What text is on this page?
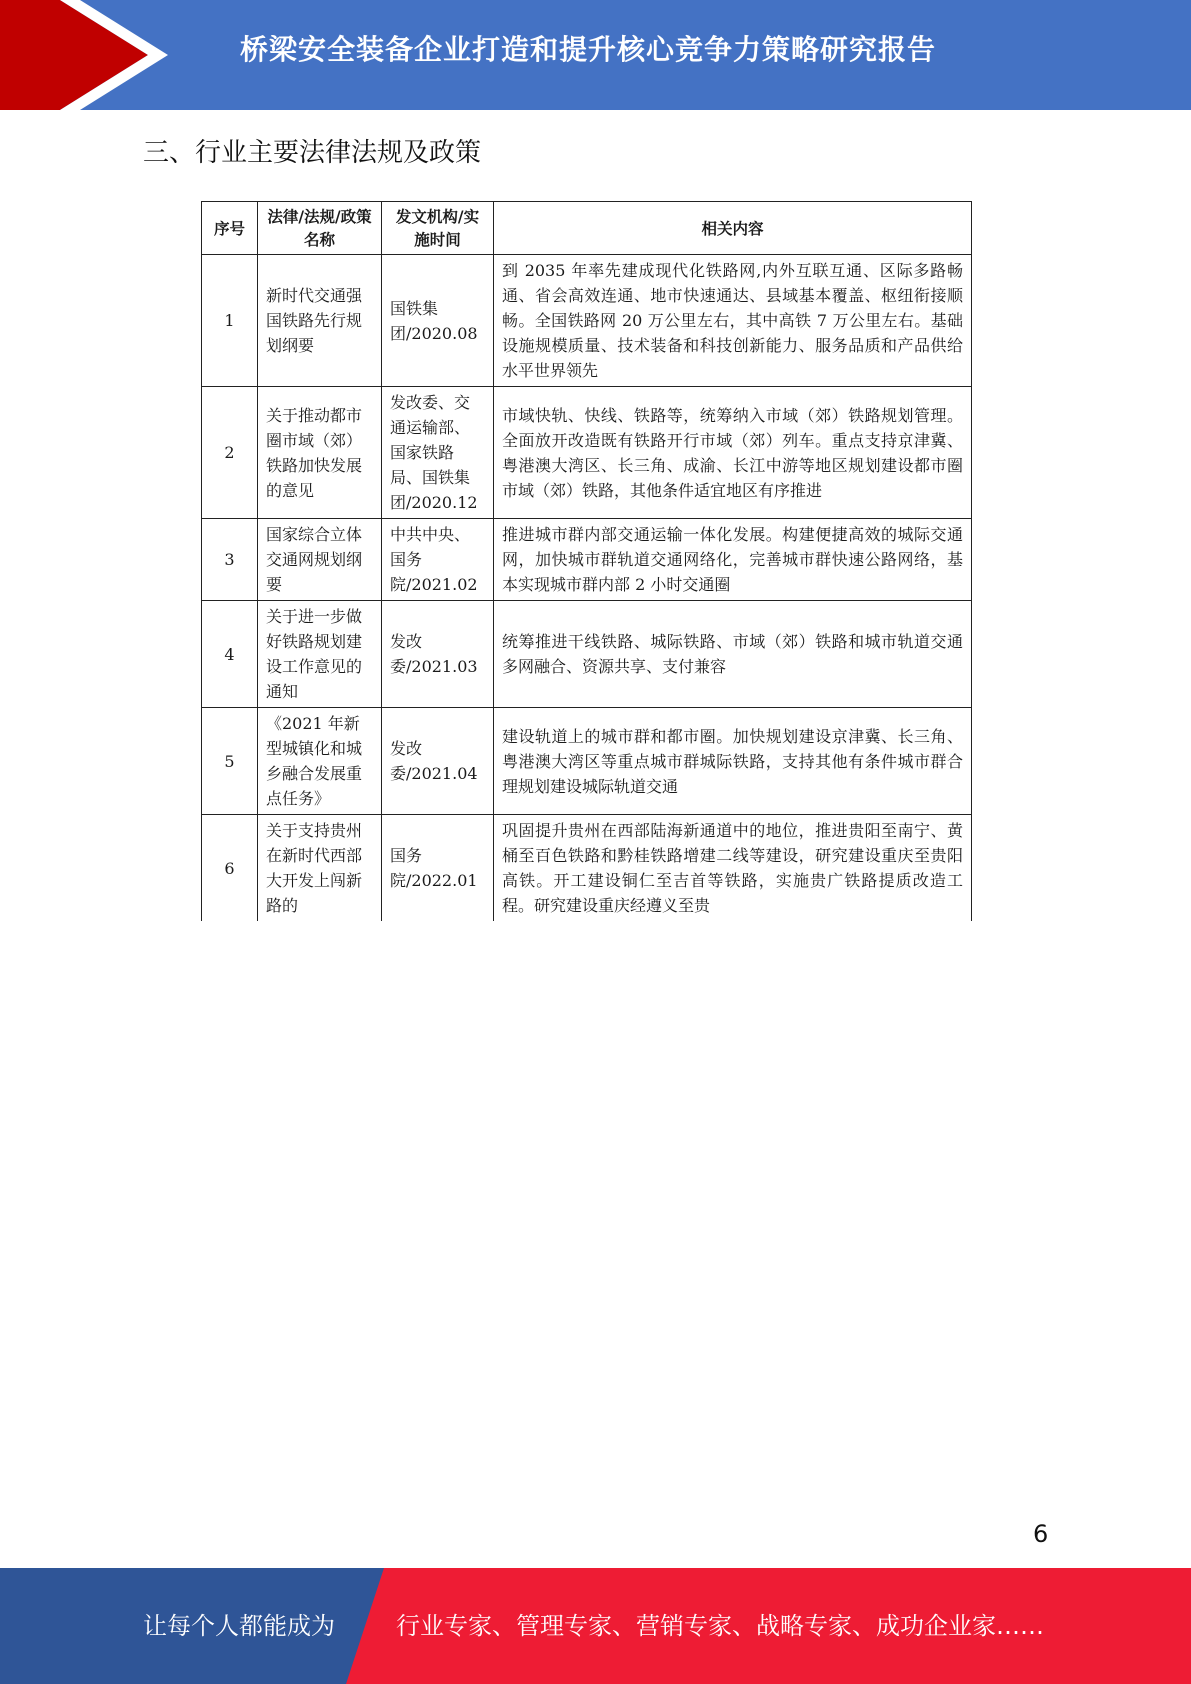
桥梁安全装备企业打造和提升核心竞争力策略研究报告
三、行业主要法律法规及政策
序号	法律/法规/政策名称	发文机构/实施时间	相关内容
1	新时代交通强国铁路先行规划纲要	国铁集团/2020.08	到 2035 年率先建成现代化铁路网,内外互联互通、区际多路畅通、省会高效连通、地市快速通达、县域基本覆盖、枢纽衔接顺畅。全国铁路网 20 万公里左右，其中高铁 7 万公里左右。基础设施规模质量、技术装备和科技创新能力、服务品质和产品供给水平世界领先
2	关于推动都市圈市域（郊）铁路加快发展的意见	发改委、交通运输部、国家铁路局、国铁集团/2020.12	市域快轨、快线、铁路等，统筹纳入市域（郊）铁路规划管理。全面放开改造既有铁路开行市域（郊）列车。重点支持京津冀、粤港澳大湾区、长三角、成渝、长江中游等地区规划建设都市圈市域（郊）铁路，其他条件适宜地区有序推进
3	国家综合立体交通网规划纲要	中共中央、国务院/2021.02	推进城市群内部交通运输一体化发展。构建便捷高效的城际交通网，加快城市群轨道交通网络化，完善城市群快速公路网络，基本实现城市群内部 2 小时交通圈
4	关于进一步做好铁路规划建设工作意见的通知	发改委/2021.03	统筹推进干线铁路、城际铁路、市域（郊）铁路和城市轨道交通多网融合、资源共享、支付兼容
5	《2021 年新型城镇化和城乡融合发展重点任务》	发改委/2021.04	建设轨道上的城市群和都市圈。加快规划建设京津冀、长三角、粤港澳大湾区等重点城市群城际铁路，支持其他有条件城市群合理规划建设城际轨道交通
6	关于支持贵州在新时代西部大开发上闯新路的	国务院/2022.01	巩固提升贵州在西部陆海新通道中的地位，推进贵阳至南宁、黄桶至百色铁路和黔桂铁路增建二线等建设，研究建设重庆至贵阳高铁。开工建设铜仁至吉首等铁路，实施贵广铁路提质改造工程。研究建设重庆经遵义至贵
6
让每个人都能成为	行业专家、管理专家、营销专家、战略专家、成功企业家……
